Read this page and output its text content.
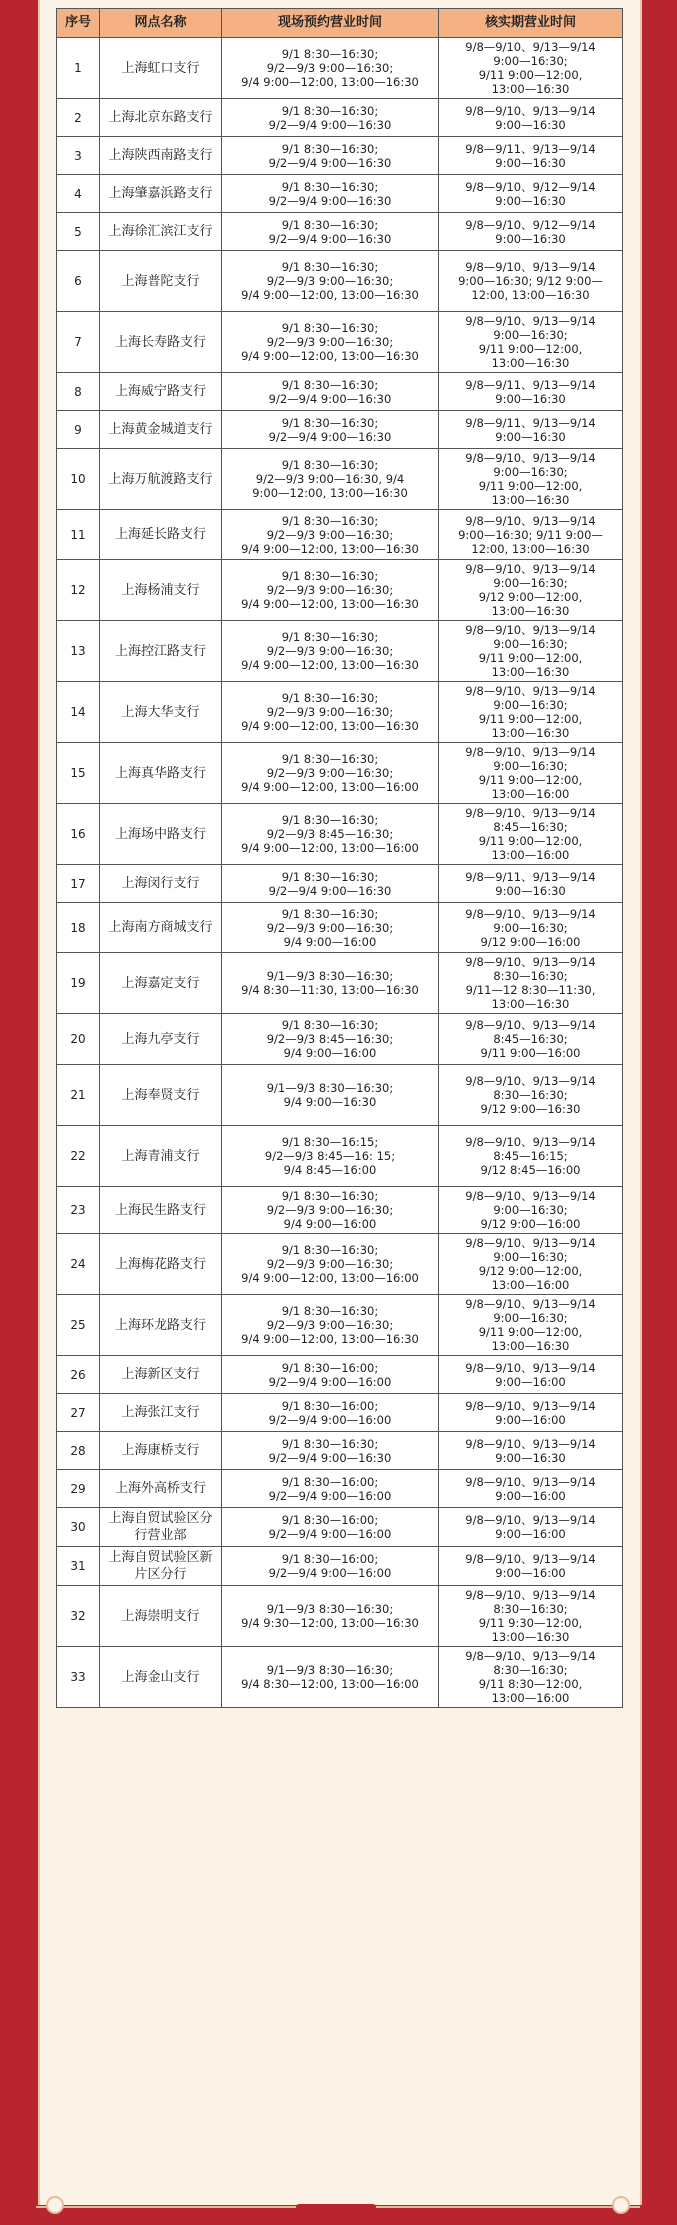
序号	网点名称	现场预约营业时间	核实期营业时间
1	上海虹口支行	9/1 8:30—16:30;
9/2—9/3 9:00—16:30;
9/4 9:00—12:00, 13:00—16:30	9/8—9/10、9/13—9/14
9:00—16:30;
9/11 9:00—12:00,
13:00—16:30
2	上海北京东路支行	9/1 8:30—16:30;
9/2—9/4 9:00—16:30	9/8—9/10、9/13—9/14
9:00—16:30
3	上海陕西南路支行	9/1 8:30—16:30;
9/2—9/4 9:00—16:30	9/8—9/11、9/13—9/14
9:00—16:30
4	上海肇嘉浜路支行	9/1 8:30—16:30;
9/2—9/4 9:00—16:30	9/8—9/10、9/12—9/14
9:00—16:30
5	上海徐汇滨江支行	9/1 8:30—16:30;
9/2—9/4 9:00—16:30	9/8—9/10、9/12—9/14
9:00—16:30
6	上海普陀支行	9/1 8:30—16:30;
9/2—9/3 9:00—16:30;
9/4 9:00—12:00, 13:00—16:30	9/8—9/10、9/13—9/14
9:00—16:30; 9/12 9:00—
12:00, 13:00—16:30
7	上海长寿路支行	9/1 8:30—16:30;
9/2—9/3 9:00—16:30;
9/4 9:00—12:00, 13:00—16:30	9/8—9/10、9/13—9/14
9:00—16:30;
9/11 9:00—12:00,
13:00—16:30
8	上海威宁路支行	9/1 8:30—16:30;
9/2—9/4 9:00—16:30	9/8—9/11、9/13—9/14
9:00—16:30
9	上海黄金城道支行	9/1 8:30—16:30;
9/2—9/4 9:00—16:30	9/8—9/11、9/13—9/14
9:00—16:30
10	上海万航渡路支行	9/1 8:30—16:30;
9/2—9/3 9:00—16:30, 9/4
9:00—12:00, 13:00—16:30	9/8—9/10、9/13—9/14
9:00—16:30;
9/11 9:00—12:00,
13:00—16:30
11	上海延长路支行	9/1 8:30—16:30;
9/2—9/3 9:00—16:30;
9/4 9:00—12:00, 13:00—16:30	9/8—9/10、9/13—9/14
9:00—16:30; 9/11 9:00—
12:00, 13:00—16:30
12	上海杨浦支行	9/1 8:30—16:30;
9/2—9/3 9:00—16:30;
9/4 9:00—12:00, 13:00—16:30	9/8—9/10、9/13—9/14
9:00—16:30;
9/12 9:00—12:00,
13:00—16:30
13	上海控江路支行	9/1 8:30—16:30;
9/2—9/3 9:00—16:30;
9/4 9:00—12:00, 13:00—16:30	9/8—9/10、9/13—9/14
9:00—16:30;
9/11 9:00—12:00,
13:00—16:30
14	上海大华支行	9/1 8:30—16:30;
9/2—9/3 9:00—16:30;
9/4 9:00—12:00, 13:00—16:30	9/8—9/10、9/13—9/14
9:00—16:30;
9/11 9:00—12:00,
13:00—16:30
15	上海真华路支行	9/1 8:30—16:30;
9/2—9/3 9:00—16:30;
9/4 9:00—12:00, 13:00—16:00	9/8—9/10、9/13—9/14
9:00—16:30;
9/11 9:00—12:00,
13:00—16:00
16	上海场中路支行	9/1 8:30—16:30;
9/2—9/3 8:45—16:30;
9/4 9:00—12:00, 13:00—16:00	9/8—9/10、9/13—9/14
8:45—16:30;
9/11 9:00—12:00,
13:00—16:00
17	上海闵行支行	9/1 8:30—16:30;
9/2—9/4 9:00—16:30	9/8—9/11、9/13—9/14
9:00—16:30
18	上海南方商城支行	9/1 8:30—16:30;
9/2—9/3 9:00—16:30;
9/4 9:00—16:00	9/8—9/10、9/13—9/14
9:00—16:30;
9/12 9:00—16:00
19	上海嘉定支行	9/1—9/3 8:30—16:30;
9/4 8:30—11:30, 13:00—16:30	9/8—9/10、9/13—9/14
8:30—16:30;
9/11—12 8:30—11:30,
13:00—16:30
20	上海九亭支行	9/1 8:30—16:30;
9/2—9/3 8:45—16:30;
9/4 9:00—16:00	9/8—9/10、9/13—9/14
8:45—16:30;
9/11 9:00—16:00
21	上海奉贤支行	9/1—9/3 8:30—16:30;
9/4 9:00—16:30	9/8—9/10、9/13—9/14
8:30—16:30;
9/12 9:00—16:30
22	上海青浦支行	9/1 8:30—16:15;
9/2—9/3 8:45—16: 15;
9/4 8:45—16:00	9/8—9/10、9/13—9/14
8:45—16:15;
9/12 8:45—16:00
23	上海民生路支行	9/1 8:30—16:30;
9/2—9/3 9:00—16:30;
9/4 9:00—16:00	9/8—9/10、9/13—9/14
9:00—16:30;
9/12 9:00—16:00
24	上海梅花路支行	9/1 8:30—16:30;
9/2—9/3 9:00—16:30;
9/4 9:00—12:00, 13:00—16:00	9/8—9/10、9/13—9/14
9:00—16:30;
9/12 9:00—12:00,
13:00—16:00
25	上海环龙路支行	9/1 8:30—16:30;
9/2—9/3 9:00—16:30;
9/4 9:00—12:00, 13:00—16:30	9/8—9/10、9/13—9/14
9:00—16:30;
9/11 9:00—12:00,
13:00—16:30
26	上海新区支行	9/1 8:30—16:00;
9/2—9/4 9:00—16:00	9/8—9/10、9/13—9/14
9:00—16:00
27	上海张江支行	9/1 8:30—16:00;
9/2—9/4 9:00—16:00	9/8—9/10、9/13—9/14
9:00—16:00
28	上海康桥支行	9/1 8:30—16:30;
9/2—9/4 9:00—16:30	9/8—9/10、9/13—9/14
9:00—16:30
29	上海外高桥支行	9/1 8:30—16:00;
9/2—9/4 9:00—16:00	9/8—9/10、9/13—9/14
9:00—16:00
30	上海自贸试验区分行营业部	9/1 8:30—16:00;
9/2—9/4 9:00—16:00	9/8—9/10、9/13—9/14
9:00—16:00
31	上海自贸试验区新片区分行	9/1 8:30—16:00;
9/2—9/4 9:00—16:00	9/8—9/10、9/13—9/14
9:00—16:00
32	上海崇明支行	9/1—9/3 8:30—16:30;
9/4 9:30—12:00, 13:00—16:30	9/8—9/10、9/13—9/14
8:30—16:30;
9/11 9:30—12:00,
13:00—16:30
33	上海金山支行	9/1—9/3 8:30—16:30;
9/4 8:30—12:00, 13:00—16:00	9/8—9/10、9/13—9/14
8:30—16:30;
9/11 8:30—12:00,
13:00—16:00
